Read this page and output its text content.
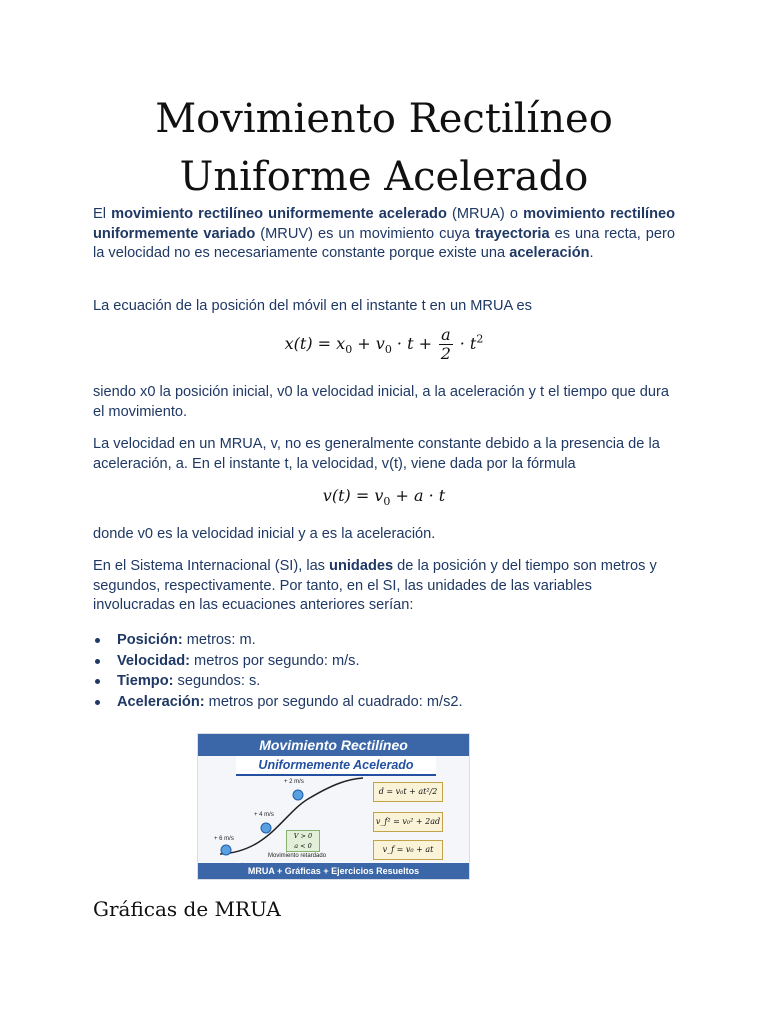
Movimiento Rectilíneo
Uniforme Acelerado

El movimiento rectilíneo uniformemente acelerado (MRUA) o movimiento rectilíneo uniformemente variado (MRUV) es un movimiento cuya trayectoria es una recta, pero la velocidad no es necesariamente constante porque existe una aceleración.

La ecuación de la posición del móvil en el instante t en un MRUA es

$x(t) = x_0 + v_0 \cdot t + \frac{a}{2} \cdot t^2$

siendo x0 la posición inicial, v0 la velocidad inicial, a la aceleración y t el tiempo que dura el movimiento.

La velocidad en un MRUA, v, no es generalmente constante debido a la presencia de la aceleración, a. En el instante t, la velocidad, v(t), viene dada por la fórmula

$v(t) = v_0 + a \cdot t$

donde v0 es la velocidad inicial y a es la aceleración.

En el Sistema Internacional (SI), las unidades de la posición y del tiempo son metros y segundos, respectivamente. Por tanto, en el SI, las unidades de las variables involucradas en las ecuaciones anteriores serían:

Posición: metros: m.
Velocidad: metros por segundo: m/s.
Tiempo: segundos: s.
Aceleración: metros por segundo al cuadrado: m/s2.
Movimiento Rectilíneo
Uniformemente Acelerado
+ 6 m/s
+ 4 m/s
+ 2 m/s
V > 0
a < 0
Movimiento retardado
d = v₀t + at²/2
v_f² = v₀² + 2ad
v_f = v₀ + at
MRUA + Gráficas + Ejercicios Resueltos
Gráficas de MRUA
